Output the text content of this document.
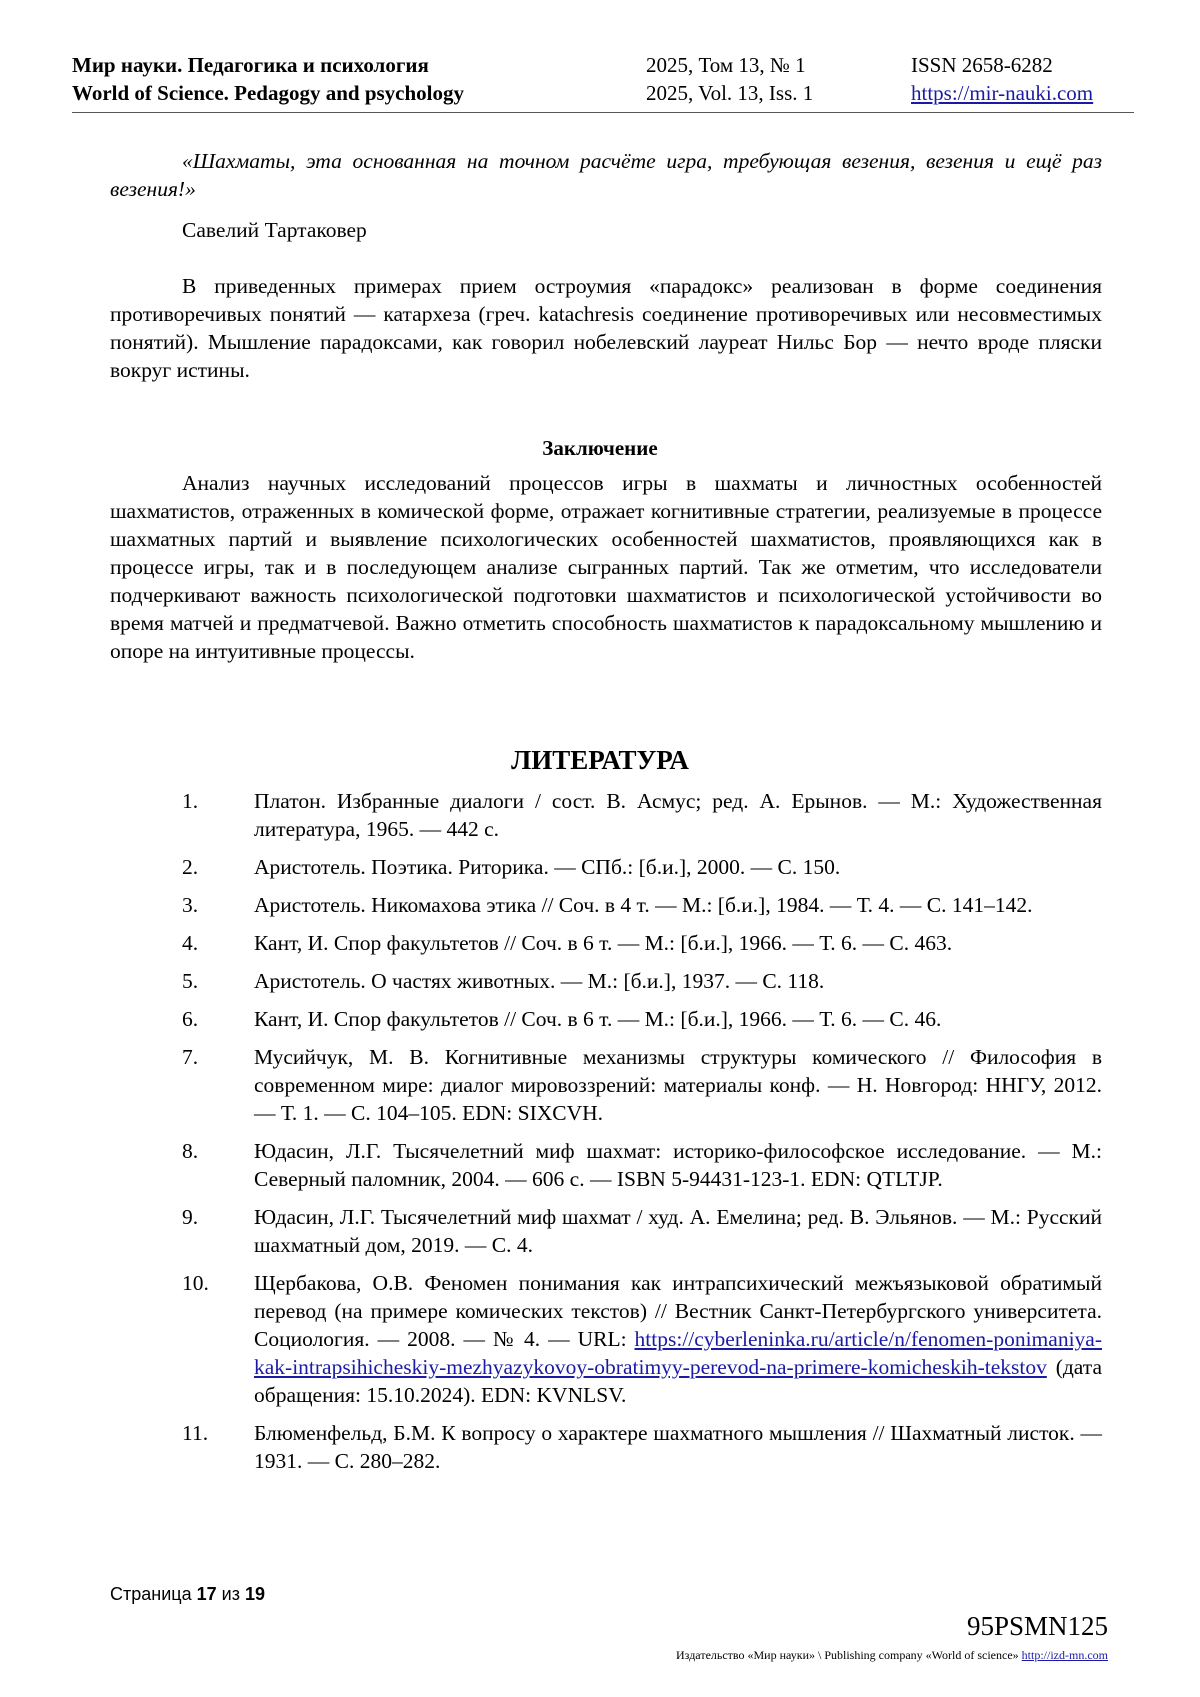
Мир науки. Педагогика и психология	2025, Том 13, № 1	ISSN 2658-6282
World of Science. Pedagogy and psychology	2025, Vol. 13, Iss. 1	https://mir-nauki.com

«Шахматы, эта основанная на точном расчёте игра, требующая везения, везения и ещё раз везения!»

Савелий Тартаковер

В приведенных примерах прием остроумия «парадокс» реализован в форме соединения противоречивых понятий — катархеза (греч. katachresis соединение противоречивых или несовместимых понятий). Мышление парадоксами, как говорил нобелевский лауреат Нильс Бор — нечто вроде пляски вокруг истины.

Заключение

Анализ научных исследований процессов игры в шахматы и личностных особенностей шахматистов, отраженных в комической форме, отражает когнитивные стратегии, реализуемые в процессе шахматных партий и выявление психологических особенностей шахматистов, проявляющихся как в процессе игры, так и в последующем анализе сыгранных партий. Так же отметим, что исследователи подчеркивают важность психологической подготовки шахматистов и психологической устойчивости во время матчей и предматчевой. Важно отметить способность шахматистов к парадоксальному мышлению и опоре на интуитивные процессы.

ЛИТЕРАТУРА
1.	Платон. Избранные диалоги / сост. В. Асмус; ред. А. Ерынов. — М.: Художественная литература, 1965. — 442 с.
2.	Аристотель. Поэтика. Риторика. — СПб.: [б.и.], 2000. — С. 150.
3.	Аристотель. Никомахова этика // Соч. в 4 т. — М.: [б.и.], 1984. — Т. 4. — С. 141–142.
4.	Кант, И. Спор факультетов // Соч. в 6 т. — М.: [б.и.], 1966. — Т. 6. — С. 463.
5.	Аристотель. О частях животных. — М.: [б.и.], 1937. — С. 118.
6.	Кант, И. Спор факультетов // Соч. в 6 т. — М.: [б.и.], 1966. — Т. 6. — С. 46.
7.	Мусийчук, М. В. Когнитивные механизмы структуры комического // Философия в современном мире: диалог мировоззрений: материалы конф. — Н. Новгород: ННГУ, 2012. — Т. 1. — С. 104–105. EDN: SIXCVH.
8.	Юдасин, Л.Г. Тысячелетний миф шахмат: историко-философское исследование. — М.: Северный паломник, 2004. — 606 с. — ISBN 5-94431-123-1. EDN: QTLTJP.
9.	Юдасин, Л.Г. Тысячелетний миф шахмат / худ. А. Емелина; ред. В. Эльянов. — М.: Русский шахматный дом, 2019. — С. 4.
10. Щербакова, О.В. Феномен понимания как интрапсихический межъязыковой обратимый перевод (на примере комических текстов) // Вестник Санкт-Петербургского университета. Социология. — 2008. — № 4. — URL: https://cyberleninka.ru/article/n/fenomen-ponimaniya-kak-intrapsihicheskiy-mezhyazykovoy-obratimyy-perevod-na-primere-komicheskih-tekstov (дата обращения: 15.10.2024). EDN: KVNLSV.
11. Блюменфельд, Б.М. К вопросу о характере шахматного мышления // Шахматный листок. — 1931. — С. 280–282.
Страница 17 из 19
95PSMN125
Издательство «Мир науки» \ Publishing company «World of science» http://izd-mn.com
